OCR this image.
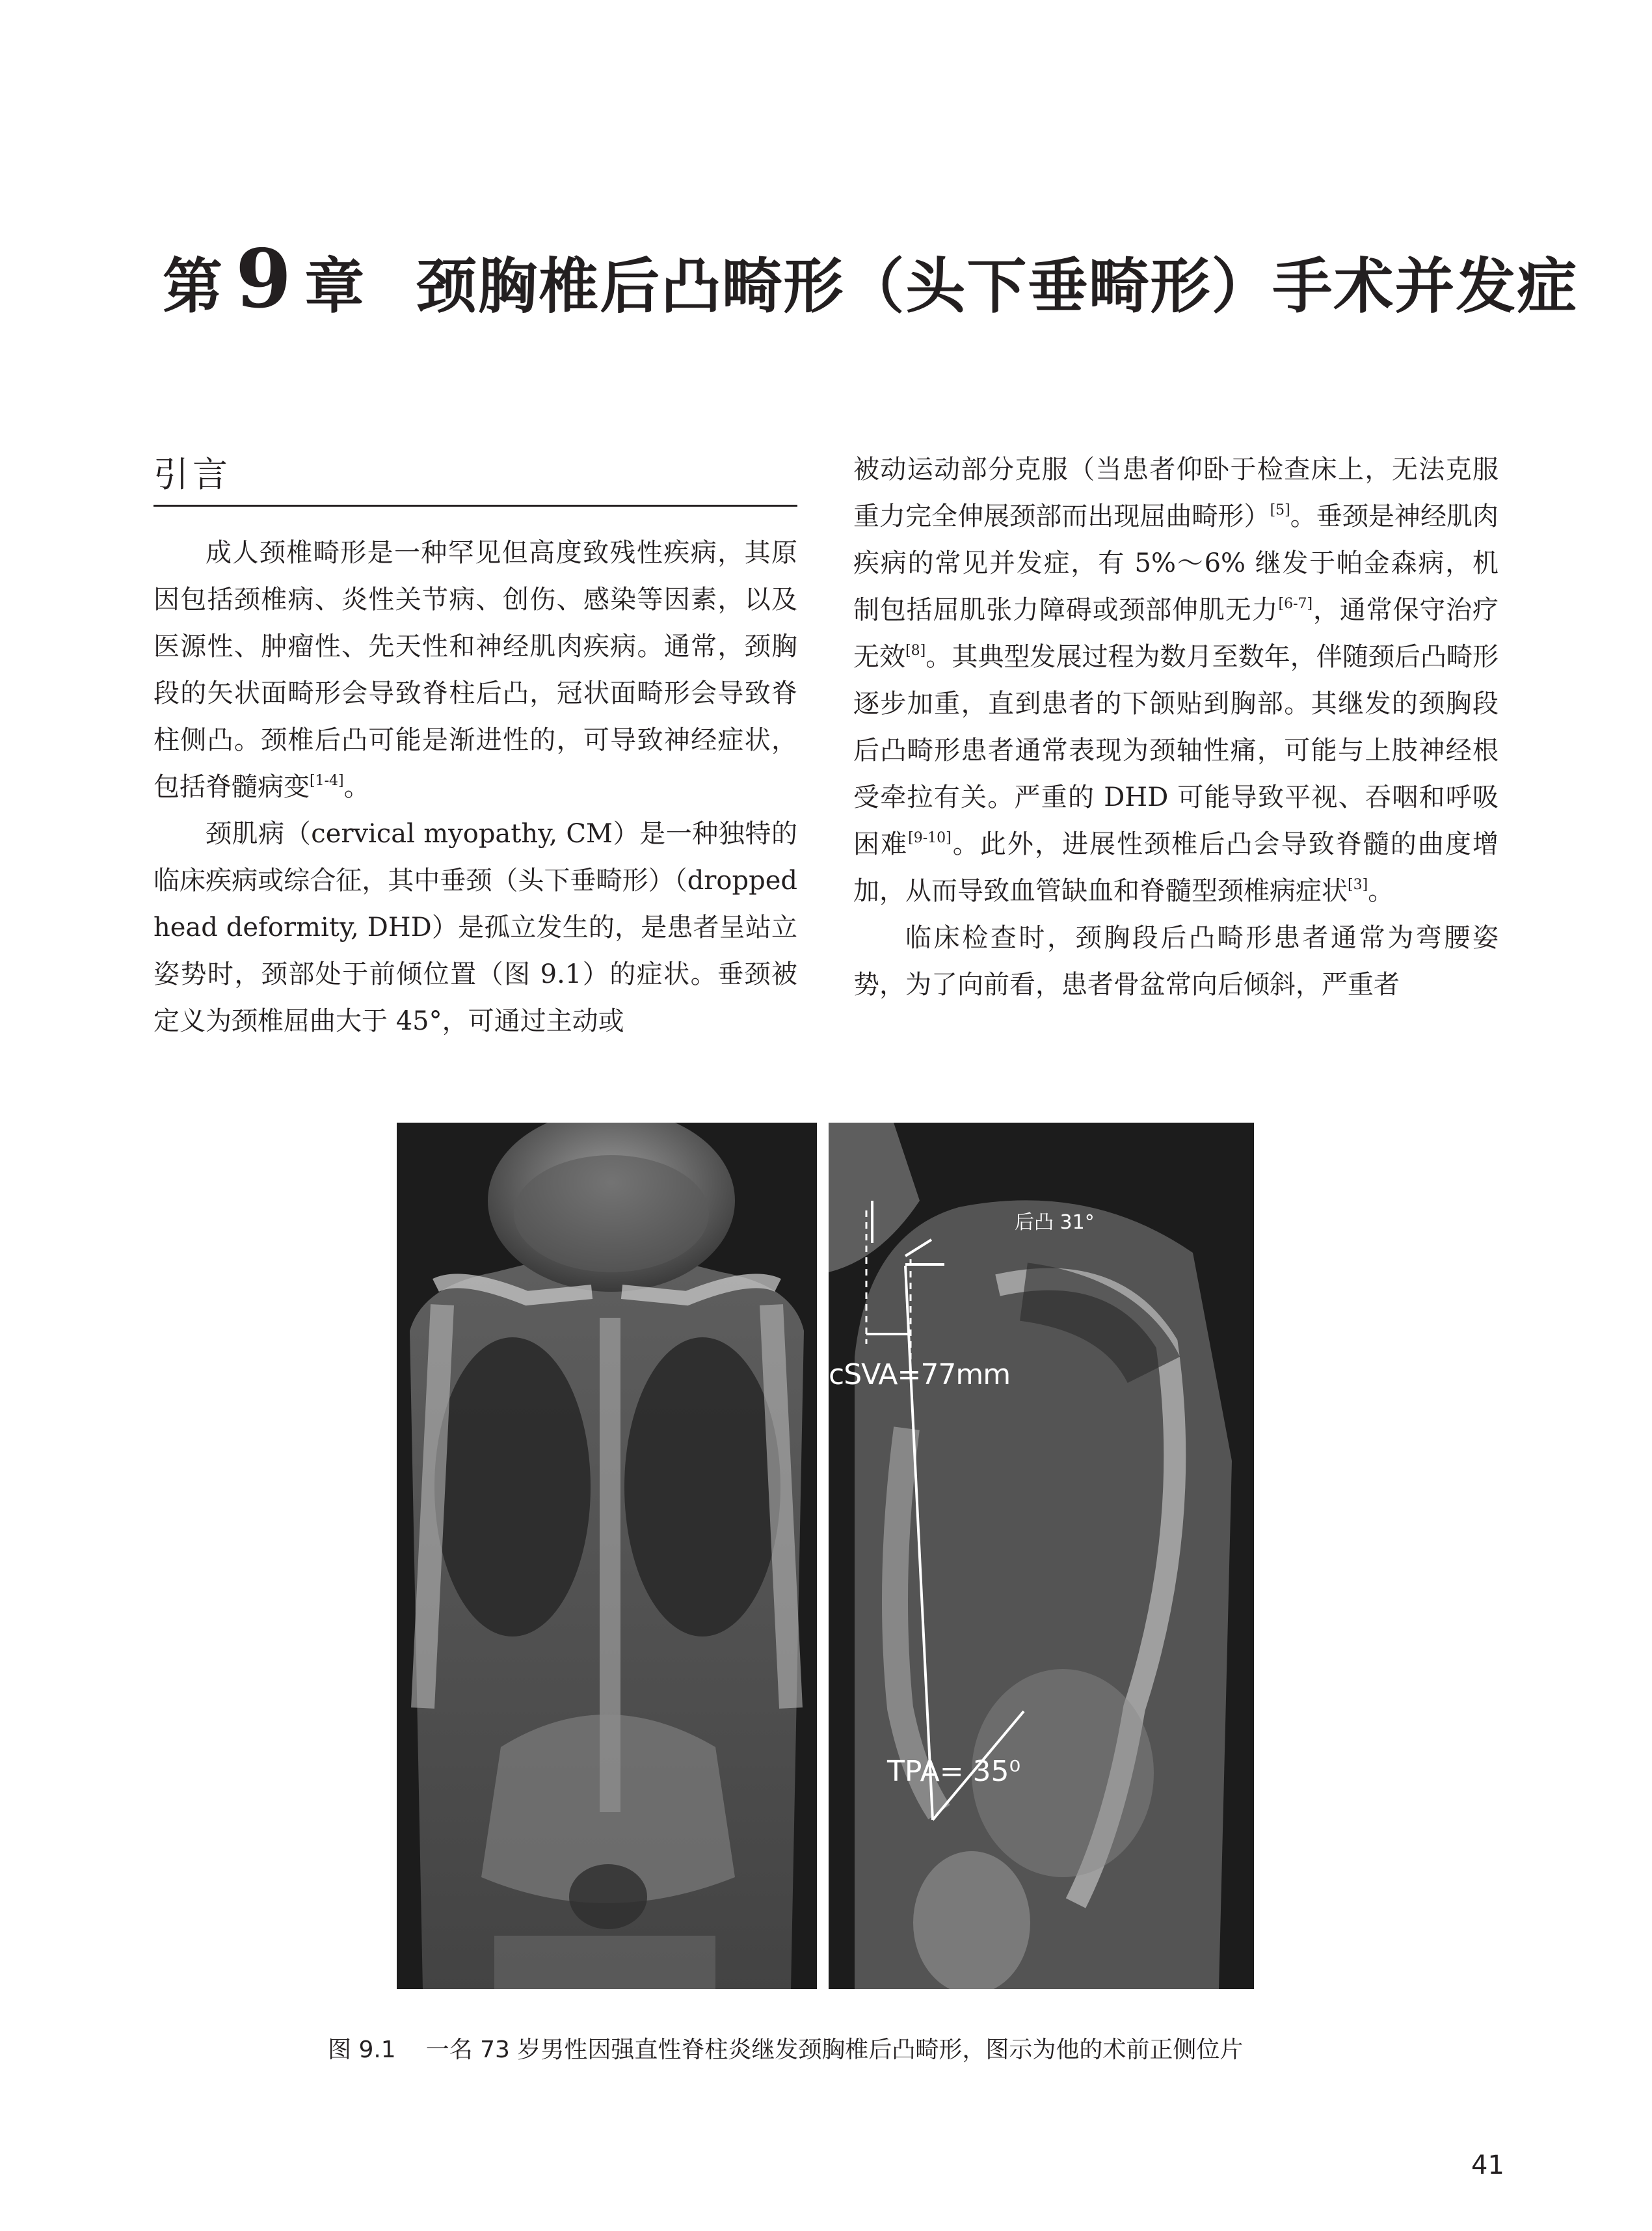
第 9 章 颈胸椎后凸畸形（头下垂畸形）手术并发症
引言

成人颈椎畸形是一种罕见但高度致残性疾病，其原因包括颈椎病、炎性关节病、创伤、感染等因素，以及医源性、肿瘤性、先天性和神经肌肉疾病。通常，颈胸段的矢状面畸形会导致脊柱后凸，冠状面畸形会导致脊柱侧凸。颈椎后凸可能是渐进性的，可导致神经症状，包括脊髓病变[1-4]。

颈肌病（cervical myopathy, CM）是一种独特的临床疾病或综合征，其中垂颈（头下垂畸形）（dropped head deformity, DHD）是孤立发生的，是患者呈站立姿势时，颈部处于前倾位置（图 9.1）的症状。垂颈被定义为颈椎屈曲大于 45°，可通过主动或

被动运动部分克服（当患者仰卧于检查床上，无法克服重力完全伸展颈部而出现屈曲畸形）[5]。垂颈是神经肌肉疾病的常见并发症，有 5%～6% 继发于帕金森病，机制包括屈肌张力障碍或颈部伸肌无力[6-7]，通常保守治疗无效[8]。其典型发展过程为数月至数年，伴随颈后凸畸形逐步加重，直到患者的下颌贴到胸部。其继发的颈胸段后凸畸形患者通常表现为颈轴性痛，可能与上肢神经根受牵拉有关。严重的 DHD 可能导致平视、吞咽和呼吸困难[9-10]。此外，进展性颈椎后凸会导致脊髓的曲度增加，从而导致血管缺血和脊髓型颈椎病症状[3]。

临床检查时，颈胸段后凸畸形患者通常为弯腰姿势，为了向前看，患者骨盆常向后倾斜，严重者

后凸 31°
cSVA=77mm
TPA= 35⁰
图 9.1 一名 73 岁男性因强直性脊柱炎继发颈胸椎后凸畸形，图示为他的术前正侧位片
41
